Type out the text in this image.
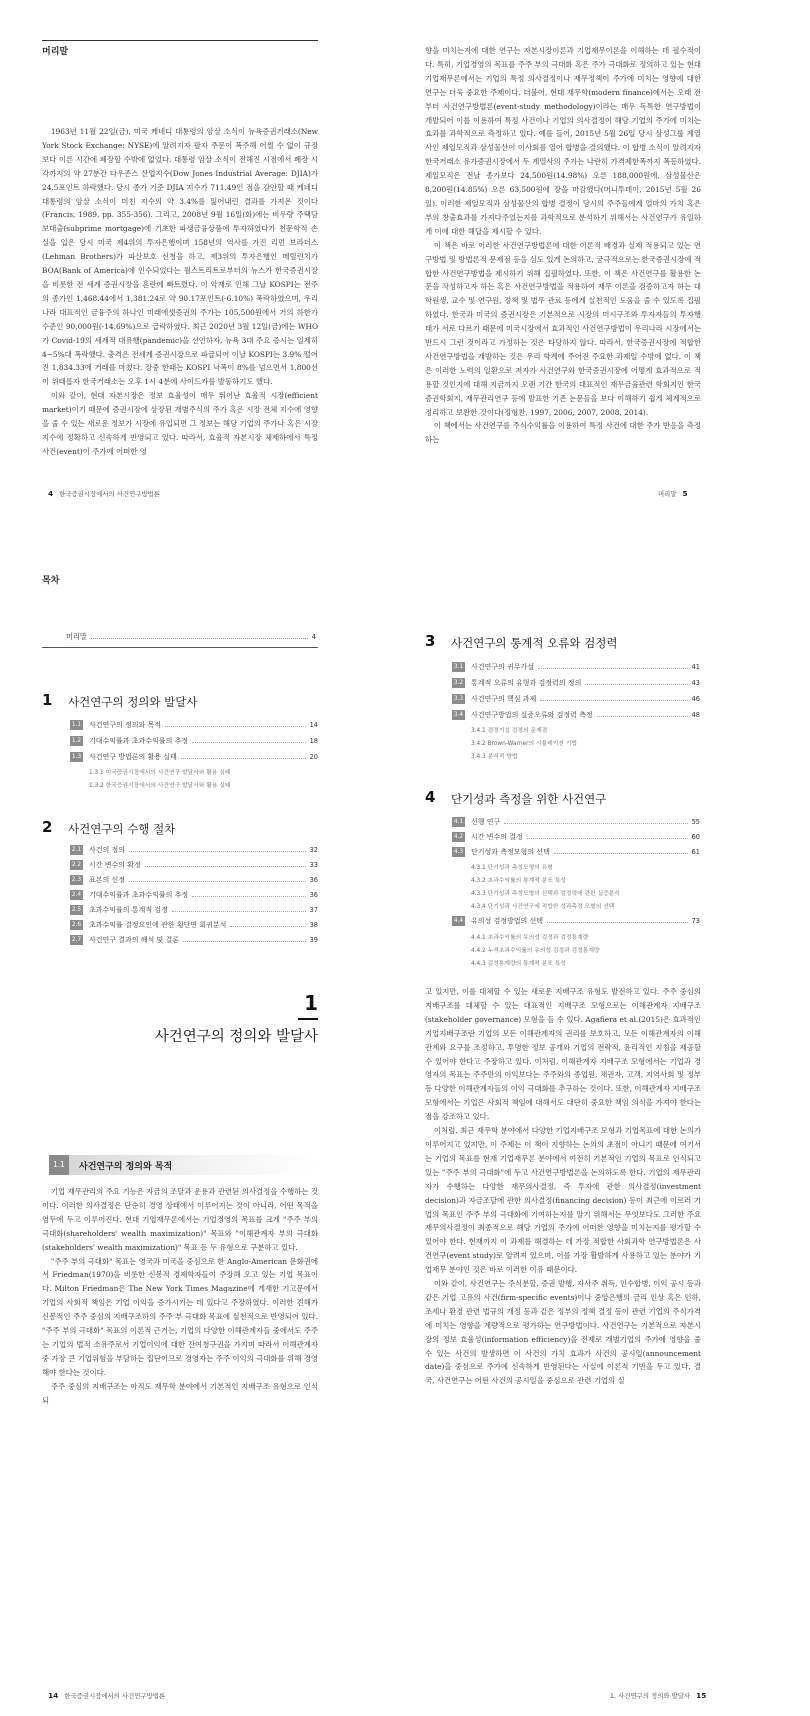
머리말

1963년 11월 22일(금), 미국 케네디 대통령의 암살 소식이 뉴욕증권거래소(New York Stock Exchange: NYSE)에 알려지자 팔자 주문이 폭주해 어쩔 수 없이 규정보다 이른 시간에 폐장할 수밖에 없었다. 대통령 암살 소식이 전해진 시점에서 폐장 시각까지의 약 27분간 다우존스 산업지수(Dow Jones Industrial Average: DJIA)가 24.5포인트 하락했다. 당시 종가 기준 DJIA 지수가 711.49인 점을 감안할 때 케네디 대통령의 암살 소식이 미친 지수의 약 3.4%를 잃어내린 결과를 가져온 것이다(Francis, 1989, pp. 355-356). 그리고, 2008년 9월 16일(화)에는 비우량 주택담보대출(subprime mortgage)에 기초한 파생금융상품에 투자하였다가 천문학적 손실을 입은 당시 미국 제4위의 투자은행이며 158년의 역사를 가진 리먼 브라더스(Lehman Brothers)가 파산보호 신청을 하고, 제3위의 투자은행인 메릴린치가 BOA(Bank of America)에 인수되었다는 월스트리트로부터의 뉴스가 한국증권시장을 비롯한 전 세계 증권시장을 혼란에 빠트렸다. 이 악재로 인해 그날 KOSPI는 전주의 종가인 1,468.44에서 1,381.24로 약 90.17포인트(-6.10%) 폭락하였으며, 우리나라 대표적인 금융주의 하나인 미래에셋증권의 주가는 105,500원에서 거의 하한가 수준인 90,000원(-14.69%)으로 급락하였다. 최근 2020년 3월 12일(금)에는 WHO가 Covid-19의 세계적 대유행(pandemic)을 선언하자, 뉴욕 3대 주요 증시는 일제히 4~5%대 폭락했다. 충격은 전세계 증권시장으로 파급되어 이날 KOSPI는 3.9% 떨어진 1,834.33에 거래를 마쳤다. 장중 한때는 KOSPI 낙폭이 8%를 넘으면서 1,800선이 위태롭자 한국거래소는 오후 1시 4분에 사이드카를 발동하기도 했다.

이와 같이, 현대 자본시장은 정보 효율성이 매우 뛰어난 효율적 시장(efficient market)이기 때문에 증권시장에 상장된 개별주식의 주가 혹은 시장 전체 지수에 영향을 줄 수 있는 새로운 정보가 시장에 유입되면 그 정보는 해당 기업의 주가나 혹은 시장지수에 정확하고 신속하게 반영되고 있다. 따라서, 효율적 자본시장 체제하에서 특정 사건(event)이 주가에 어떠한 영

향을 미치는지에 대한 연구는 자본시장이론과 기업재무이론을 이해하는 데 필수적이다. 특히, 기업경영의 목표를 주주 부의 극대화 혹은 주가 극대화로 정의하고 있는 현대 기업재무론에서는 기업의 특정 의사결정이나 재무정책이 주가에 미치는 영향에 대한 연구는 더욱 중요한 주제이다. 더불어, 현대 재무학(modern finance)에서는 오래 전부터 사건연구방법론(event-study methodology)이라는 매우 독특한 연구방법이 개발되어 이를 이용하여 특정 사건이나 기업의 의사결정이 해당 기업의 주가에 미치는 효과를 과학적으로 측정하고 있다. 예를 들어, 2015년 5월 26일 당시 삼성그룹 계열사인 제일모직과 삼성물산이 이사회를 열어 합병을 결의했다. 이 합병 소식이 알려지자 한국거래소 유가증권시장에서 두 계열사의 주가는 나란히 가격제한폭까지 폭등하였다. 제일모직은 전날 종가보다 24,500원(14.98%) 오른 188,000원에, 삼성물산은 8,200원(14.85%) 오른 63,500원에 장을 마감했다(머니투데이, 2015년 5월 26일). 이러한 제일모직과 삼성물산의 합병 결정이 당시의 주주들에게 얼마의 가치 혹은 부의 창출효과를 가져다주었는지를 과학적으로 분석하기 위해서는 사건연구가 유일하게 이에 대한 해답을 제시할 수 있다.

이 책은 바로 이러한 사건연구방법론에 대한 이론적 배경과 실제 적용되고 있는 연구방법 및 방법론적 문제점 등을 심도 있게 논의하고, 궁극적으로는 한국증권시장에 적합한 사건연구방법을 제시하기 위해 집필하였다. 또한, 이 책은 사건연구를 활용한 논문을 작성하고자 하는 혹은 사건연구방법을 적용하여 재무 이론을 검증하고자 하는 대학원생, 교수 및 연구원, 정책 및 법무 관료 등에게 실천적인 도움을 줄 수 있도록 집필하였다. 한국과 미국의 증권시장은 기본적으로 시장의 미시구조와 투자자들의 투자행태가 서로 다르기 때문에 미국시장에서 효과적인 사건연구방법이 우리나라 시장에서는 반드시 그런 것이라고 가정하는 것은 타당하지 않다. 따라서, 한국증권시장에 적합한 사건연구방법을 개발하는 것은 우리 학계에 주어진 주요한 과제일 수밖에 없다. 이 책은 이러한 노력의 일환으로 저자가 사건연구와 한국증권시장에 어떻게 효과적으로 적용할 것인지에 대해 지금까지 오랜 기간 한국의 대표적인 재무금융관련 학회지인 한국증권학회지, 재무관리연구 등에 발표한 기존 논문들을 보다 이해하기 쉽게 체계적으로 정리하고 보완한 것이다(정형찬, 1997, 2006, 2007, 2008, 2014).

이 책에서는 사건연구를 주식수익률을 이용하여 특정 사건에 대한 주가 반응을 측정하는

4 한국증권시장에서의 사건연구방법론	머리말 5
목차
머리말	4
1 사건연구의 정의와 발달사
1.1 사건연구의 정의와 목적	14
1.2 기대수익률과 초과수익률의 추정	18
1.3 사건연구 방법론의 활용 실태	20
1.3.1 미국증권시장에서의 사건연구 발달사와 활용 실태
1.3.2 한국증권시장에서의 사건연구 발달사와 활용 실태
2 사건연구의 수행 절차
2.1 사건의 정의	32
2.2 시간 변수의 확정	33
2.3 표본의 선정	36
2.4 기대수익률과 초과수익률의 추정	36
2.5 초과수익률의 통계적 검정	37
2.6 초과수익률 결정요인에 관한 횡단면 회귀분석	38
2.7 사건연구 결과의 해석 및 결론	39
3 사건연구의 통계적 오류와 검정력
3.1 사건연구의 귀무가설	41
3.2 통계적 오류의 유형과 검정력의 정의	43
3.3 사건연구의 핵심 과제	46
3.4 사건연구방법의 실증오류와 검정력 측정	48
3.4.1 검정기설 검정의 문제점
3.4.2 Brown-Warner의 시뮬레이션 기법
3.4.3 분석적 방법
4 단기성과 측정을 위한 사건연구
4.1 선행 연구	55
4.2 시간 변수의 결정	60
4.3 단기성과 측정모형의 선택	61
4.3.1 단기성과 측정모형의 유형
4.3.2 초과수익률의 통계적 분포 특성
4.3.3 단기성과 측정모형의 선택과 검정력에 관한 실증분석
4.3.4 단기성과 사건연구에 적합한 성과측정 모형의 선택
4.4 유의성 검정방법의 선택	73
4.4.1 초과수익률의 유의성 검정과 검정통계량
4.4.2 누적초과수익률의 유의성 검정과 검정통계량
4.4.3 검정통계량의 통계적 분포 특성
1
사건연구의 정의와 발달사
1.1	사건연구의 정의와 목적

기업 재무관리의 주요 기능은 자금의 조달과 운용과 관련된 의사결정을 수행하는 것이다. 이러한 의사결정은 단순히 경영 상태에서 이루어지는 것이 아니라, 어떤 목적을 염두에 두고 이루어진다. 현대 기업재무론에서는 기업경영의 목표를 크게 "주주 부의 극대화(shareholders' wealth maximization)" 목표와 "이해관계자 부의 극대화(stakeholders' wealth maximization)" 목표 등 두 유형으로 구분하고 있다.

"주주 부의 극대화" 목표는 영국과 미국을 중심으로 한 Anglo-American 문화권에서 Friedman(1970)을 비롯한 신봉적 경제학자들이 주장해 오고 있는 기업 목표이다. Milton Friedman은 The New York Times Magazine에 게재한 기고문에서 기업의 사회적 책임은 기업 이익을 증가시키는 데 있다고 주장하였다. 이러한 견해가 신봉적인 주주 중심의 지배구조하의 주주 부 극대화 목표에 실천적으로 반영되어 있다. "주주 부의 극대화" 목표의 이론적 근거는, 기업의 다양한 이해관계자들 중에서도 주주는 기업의 법적 소유주로서 기업이익에 대한 잔여청구권을 가지며 따라서 이해관계자 중 가장 큰 기업위험을 부담하는 집단이므로 경영자는 주주 이익의 극대화를 위해 경영해야 한다는 것이다.

주주 중심의 지배구조는 아직도 재무학 분야에서 기본적인 지배구조 유형으로 인식되

고 있지만, 이를 대체할 수 있는 새로운 지배구조 유형도 발전하고 있다. 주주 중심의 지배구조를 대체할 수 있는 대표적인 지배구조 모형으로는 이해관계자 지배구조(stakeholder governance) 모형을 들 수 있다. Agafiera et al.(2015)은 효과적인 기업지배구조란 기업의 모든 이해관계자의 권리를 보호하고, 모든 이해관계자의 이해관계와 요구를 조정하고, 투명한 정보 공개와 기업의 전략적, 윤리적인 지침을 제공할 수 있어야 한다고 주장하고 있다. 이처럼, 이해관계자 지배구조 모형에서는 기업과 경영자의 목표는 주주만의 이익보다는 주주와의 종업원, 채권자, 고객, 지역사회 및 정부 등 다양한 이해관계자들의 이익 극대화를 추구하는 것이다. 또한, 이해관계자 지배구조 모형에서는 기업은 사회적 책임에 대해서도 대단히 중요한 책임 의식을 가져야 한다는 점을 강조하고 있다.

이처럼, 최근 재무학 분야에서 다양한 기업지배구조 모형과 기업목표에 대한 논의가 이루어지고 있지만, 이 주제는 이 책이 지향하는 논의의 초점이 아니기 때문에 여기서는 기업의 목표를 현재 기업재무론 분야에서 여전히 기본적인 기업의 목표로 인식되고 있는 "주주 부의 극대화"에 두고 사건연구방법론을 논의하도록 한다. 기업의 재무관리자가 수행하는 다양한 재무의사결정, 즉 투자에 관한 의사결정(investment decision)과 자금조달에 관한 의사결정(financing decision) 등이 최근에 이르러 기업의 목표인 주주 부의 극대화에 기여하는지를 알기 위해서는 무엇보다도 그러한 주요 재무의사결정이 최종적으로 해당 기업의 주가에 어떠한 영향을 미치는지를 평가할 수 있어야 한다. 현재까지 이 과제를 해결하는 데 가장 적합한 사회과학 연구방법론은 사건연구(event study)로 알려져 있으며, 이를 가장 활발하게 사용하고 있는 분야가 기업재무 분야인 것은 바로 이러한 이유 때문이다.

이와 같이, 사건연구는 주식분할, 증권 발행, 자사주 취득, 인수합병, 이익 공시 등과 같은 기업 고유의 사건(firm-specific events)이나 중앙은행의 금리 인상 혹은 인하, 조세나 환경 관련 법규의 개정 등과 같은 정부의 정책 결정 등이 관련 기업의 주식가격에 미치는 영향을 계량적으로 평가하는 연구방법이다. 사건연구는 기본적으로 자본시장의 정보 효율성(information efficiency)을 전제로 개별기업의 주가에 영향을 줄 수 있는 사건의 발생하면 이 사건의 가치 효과가 사건의 공시일(announcement date)을 중심으로 주가에 신속하게 반영된다는 사실에 이론적 기반을 두고 있다. 결국, 사건연구는 어떤 사건의 공시일을 중심으로 관련 기업의 실

14 한국증권시장에서의 사건연구방법론	1. 사건연구의 정의와 발달사 15
